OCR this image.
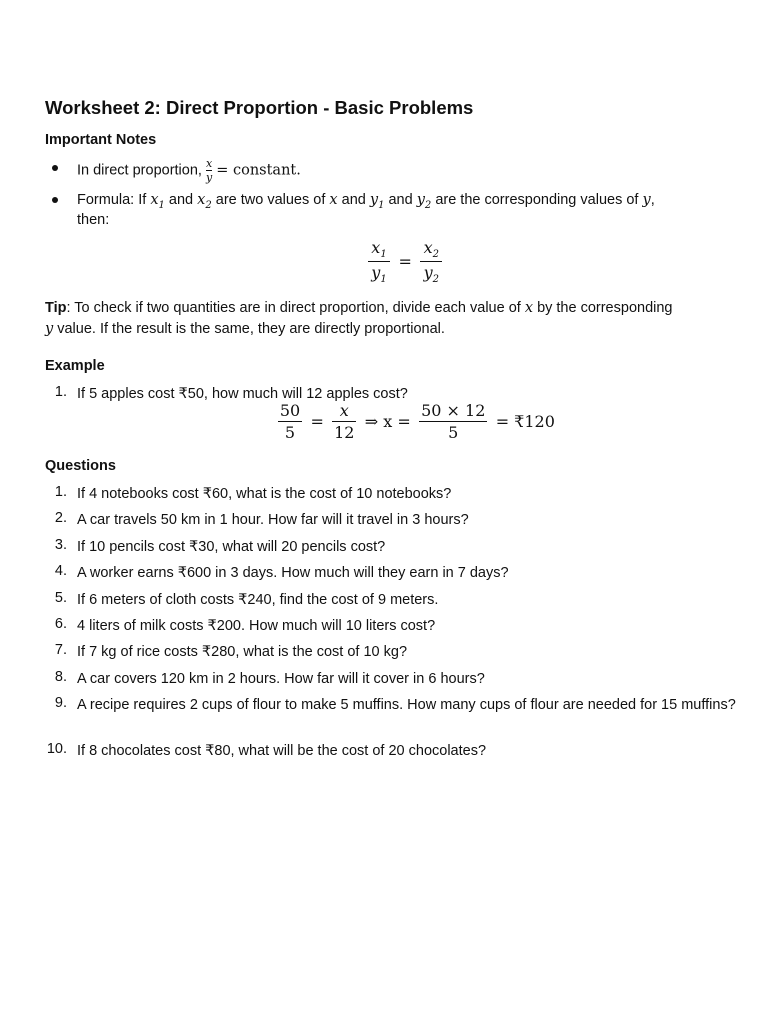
Worksheet 2: Direct Proportion - Basic Problems
Important Notes
In direct proportion, $\frac{x}{y}$ = constant.
Formula: If $x_1$ and $x_2$ are two values of x and $y_1$ and $y_2$ are the corresponding values of y,
then:
$\frac{x_1}{y_1} = \frac{x_2}{y_2}$
Tip: To check if two quantities are in direct proportion, divide each value of x by the corresponding
y value. If the result is the same, they are directly proportional.
Example
1. If 5 apples cost ₹50, how much will 12 apples cost?
$\frac{50}{5} = \frac{x}{12}$ ⇒ $x = \frac{50 \times 12}{5}$ = ₹120
Questions
1. If 4 notebooks cost ₹60, what is the cost of 10 notebooks?
2. A car travels 50 km in 1 hour. How far will it travel in 3 hours?
3. If 10 pencils cost ₹30, what will 20 pencils cost?
4. A worker earns ₹600 in 3 days. How much will they earn in 7 days?
5. If 6 meters of cloth costs ₹240, find the cost of 9 meters.
6. 4 liters of milk costs ₹200. How much will 10 liters cost?
7. If 7 kg of rice costs ₹280, what is the cost of 10 kg?
8. A car covers 120 km in 2 hours. How far will it cover in 6 hours?
9. A recipe requires 2 cups of flour to make 5 muffins. How many cups of flour are needed for 15 muffins?
10. If 8 chocolates cost ₹80, what will be the cost of 20 chocolates?
